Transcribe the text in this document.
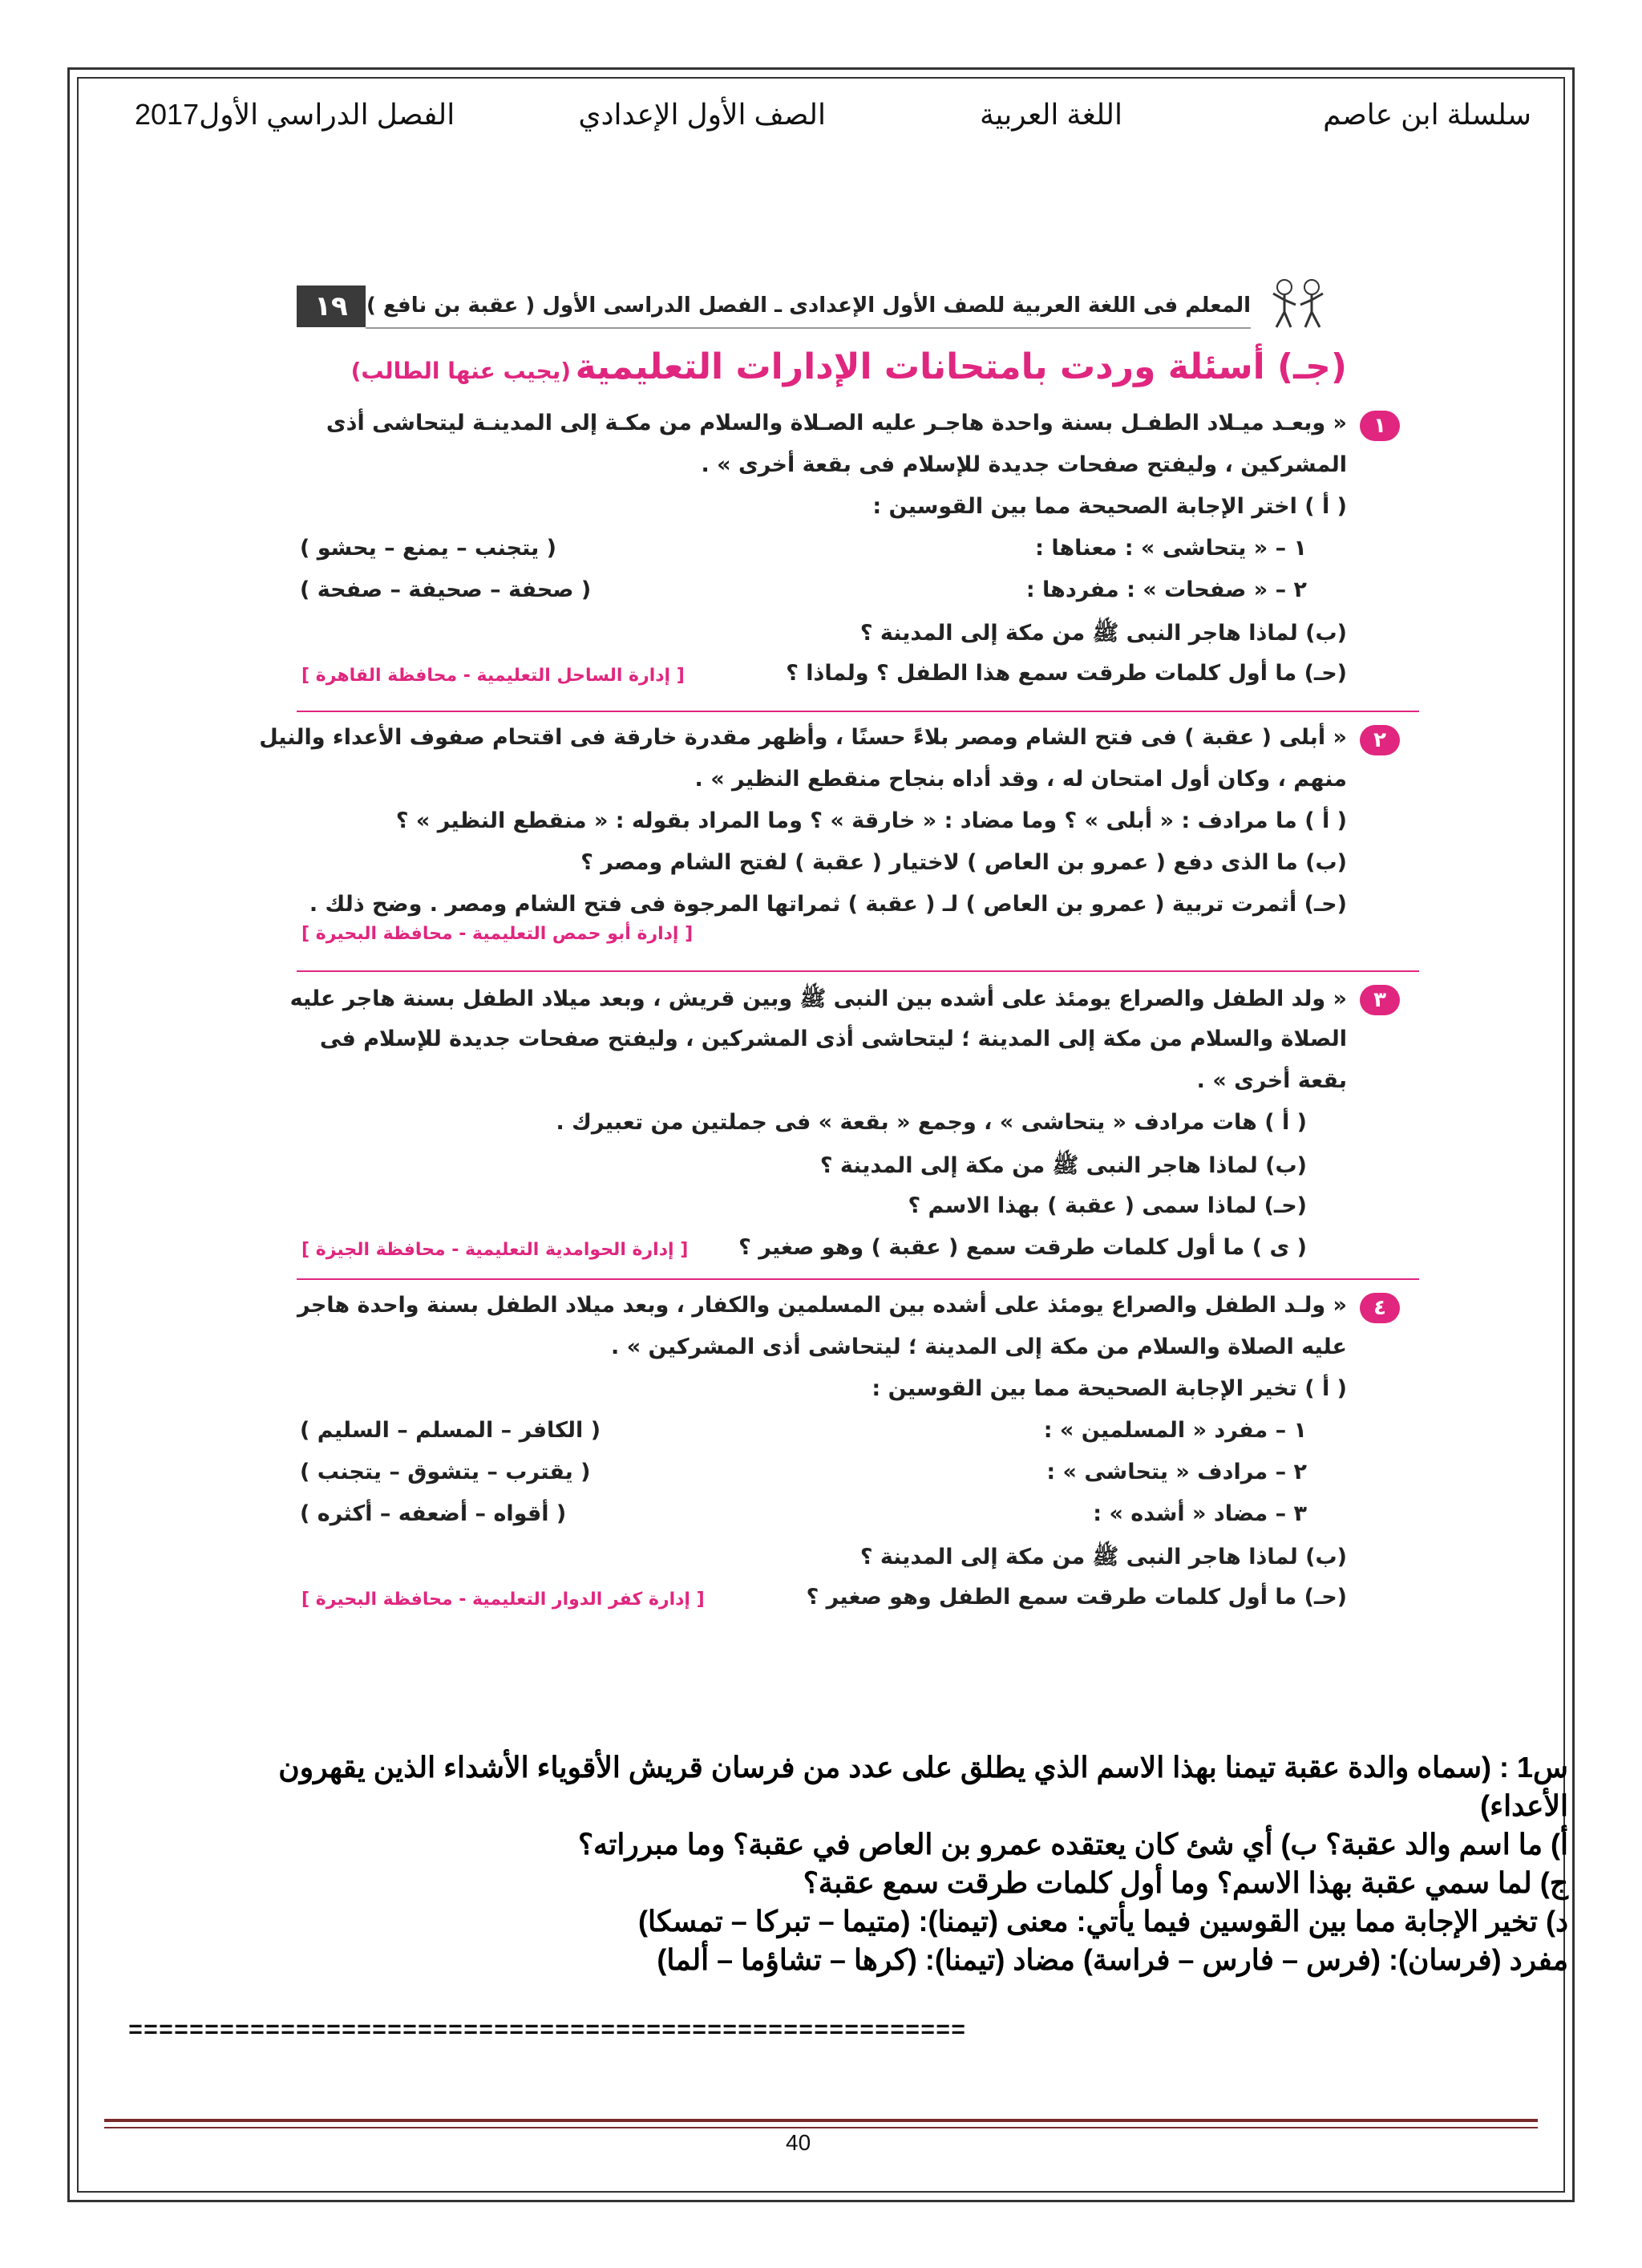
سلسلة ابن عاصم
اللغة العربية
الصف الأول الإعدادي
الفصل الدراسي الأول2017
١٩ المعلم فى اللغة العربية للصف الأول الإعدادى ـ الفصل الدراسى الأول ( عقبة بن نافع )
(جـ) أسئلة وردت بامتحانات الإدارات التعليمية (يجيب عنها الطالب)
١
« وبعـد ميـلاد الطفـل بسنة واحدة هاجـر عليه الصـلاة والسلام من مكـة إلى المدينـة ليتحاشى أذى
المشركين ، وليفتح صفحات جديدة للإسلام فى بقعة أخرى » .
( أ ) اختر الإجابة الصحيحة مما بين القوسين :
١ – « يتحاشى » : معناها :
( يتجنب – يمنع – يحشو )
٢ – « صفحات » : مفردها :
( صحفة – صحيفة – صفحة )
(ب) لماذا هاجر النبى ﷺ من مكة إلى المدينة ؟
(حـ) ما أول كلمات طرقت سمع هذا الطفل ؟ ولماذا ؟
[ إدارة الساحل التعليمية - محافظة القاهرة ]
٢
« أبلى ( عقبة ) فى فتح الشام ومصر بلاءً حسنًا ، وأظهر مقدرة خارقة فى اقتحام صفوف الأعداء والنيل
منهم ، وكان أول امتحان له ، وقد أداه بنجاح منقطع النظير » .
( أ ) ما مرادف : « أبلى » ؟ وما مضاد : « خارقة » ؟ وما المراد بقوله : « منقطع النظير » ؟
(ب) ما الذى دفع ( عمرو بن العاص ) لاختيار ( عقبة ) لفتح الشام ومصر ؟
(حـ) أثمرت تربية ( عمرو بن العاص ) لـ ( عقبة ) ثمراتها المرجوة فى فتح الشام ومصر . وضح ذلك .
[ إدارة أبو حمص التعليمية - محافظة البحيرة ]
٣
« ولد الطفل والصراع يومئذ على أشده بين النبى ﷺ وبين قريش ، وبعد ميلاد الطفل بسنة هاجر عليه
الصلاة والسلام من مكة إلى المدينة ؛ ليتحاشى أذى المشركين ، وليفتح صفحات جديدة للإسلام فى
بقعة أخرى » .
( أ ) هات مرادف « يتحاشى » ، وجمع « بقعة » فى جملتين من تعبيرك .
(ب) لماذا هاجر النبى ﷺ من مكة إلى المدينة ؟
(حـ) لماذا سمى ( عقبة ) بهذا الاسم ؟
( ى ) ما أول كلمات طرقت سمع ( عقبة ) وهو صغير ؟
[ إدارة الحوامدية التعليمية - محافظة الجيزة ]
٤
« ولـد الطفل والصراع يومئذ على أشده بين المسلمين والكفار ، وبعد ميلاد الطفل بسنة واحدة هاجر
عليه الصلاة والسلام من مكة إلى المدينة ؛ ليتحاشى أذى المشركين » .
( أ ) تخير الإجابة الصحيحة مما بين القوسين :
١ – مفرد « المسلمين » :
( الكافر – المسلم – السليم )
٢ – مرادف « يتحاشى » :
( يقترب – يتشوق – يتجنب )
٣ – مضاد « أشده » :
( أقواه – أضعفه – أكثره )
(ب) لماذا هاجر النبى ﷺ من مكة إلى المدينة ؟
(حـ) ما أول كلمات طرقت سمع الطفل وهو صغير ؟
[ إدارة كفر الدوار التعليمية - محافظة البحيرة ]
س1 : (سماه والدة عقبة تيمنا بهذا الاسم الذي يطلق على عدد من فرسان قريش الأقوياء الأشداء الذين يقهرون
الأعداء)
أ) ما اسم والد عقبة؟ ب) أي شئ كان يعتقده عمرو بن العاص في عقبة؟ وما مبرراته؟
ج) لما سمي عقبة بهذا الاسم؟ وما أول كلمات طرقت سمع عقبة؟
د) تخير الإجابة مما بين القوسين فيما يأتي: معنى (تيمنا): (متيما – تبركا – تمسكا)
مفرد (فرسان): (فرس – فارس – فراسة) مضاد (تيمنا): (كرها – تشاؤما – ألما)
=======================================================
40
